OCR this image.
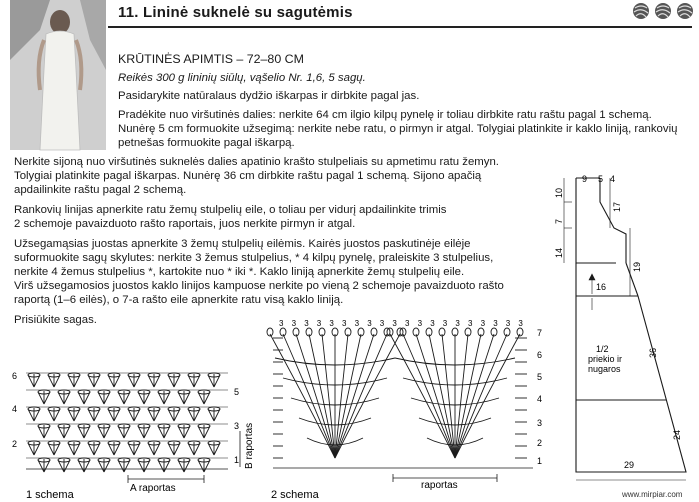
11. Lininė suknelė su sagutėmis
KRŪTINĖS APIMTIS – 72–80 CM
Reikės 300 g lininių siūlų, vąšelio Nr. 1,6, 5 sagų.
Pasidarykite natūralaus dydžio iškarpas ir dirbkite pagal jas.
Pradėkite nuo viršutinės dalies: nerkite 64 cm ilgio kilpų pynelę ir toliau dirbkite ratu raštu pagal 1 schemą.
Nunėrę 5 cm formuokite užsegimą: nerkite nebe ratu, o pirmyn ir atgal. Tolygiai platinkite ir kaklo liniją, rankovių
petnešas formuokite pagal iškarpą.
Nerkite sijoną nuo viršutinės suknelės dalies apatinio krašto stulpeliais su apmetimu ratu žemyn.
Tolygiai platinkite pagal iškarpas. Nunėrę 36 cm dirbkite raštu pagal 1 schemą. Sijono apačią
apdailinkite raštu pagal 2 schemą.
Rankovių linijas apnerkite ratu žemų stulpelių eile, o toliau per vidurį apdailinkite trimis
2 schemoje pavaizduoto rašto raportais, juos nerkite pirmyn ir atgal.
Užsegamąsias juostas apnerkite 3 žemų stulpelių eilėmis. Kairės juostos paskutinėje eilėje
suformuokite sagų skylutes: nerkite 3 žemus stulpelius, * 4 kilpų pynelę, praleiskite 3 stulpelius,
nerkite 4 žemus stulpelius *, kartokite nuo * iki *. Kaklo liniją apnerkite žemų stulpelių eile.
Virš užsegamosios juostos kaklo linijos kampuose nerkite po vieną 2 schemoje pavaizduoto rašto
raportą (1–6 eilės), o 7-a rašto eile apnerkite ratu visą kaklo liniją.
Prisiūkite sagas.
6
4
2
5
3
1
A raportas
B raportas
1 schema
3 3 3 3 3 3 3 3 3 3 3 3 3 3 3 3 3 3 3 3
7
6
5
4
3
2
1
raportas
2 schema
9 5 4
10
7
14
17
19
16
1/2
priekio ir
nugaros
36
24
29
www.mirpiar.com
